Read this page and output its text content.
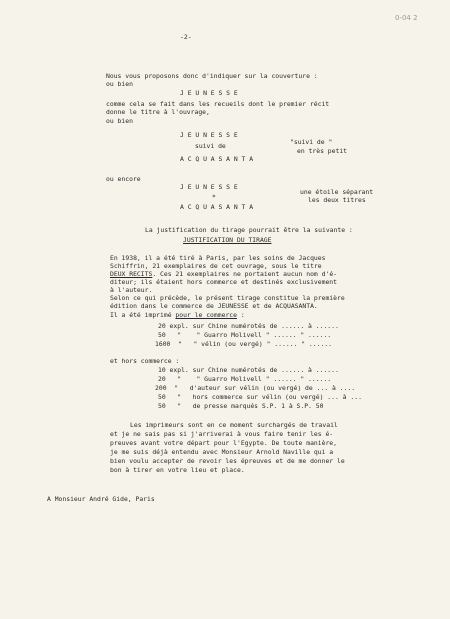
0-04 2
-2-
Nous vous proposons donc d'indiquer sur la couverture :
ou bien
J E U N E S S E
comme cela se fait dans les recueils dont le premier récit
donne le titre à l'ouvrage,
ou bien
J E U N E S S E
"suivi de "
suivi de
en très petit
A C Q U A S A N T A
ou encore
J E U N E S S E
une étoile séparant
*	les deux titres
A C Q U A S A N T A
La justification du tirage pourrait être la suivante :
JUSTIFICATION DU TIRAGE
En 1938, il a été tiré à Paris, par les soins de Jacques
Schiffrin, 21 exemplaires de cet ouvrage, sous le titre
DEUX RECITS. Ces 21 exemplaires ne portaient aucun nom d'é-
diteur; ils étaient hors commerce et destinés exclusivement
à l'auteur.
Selon ce qui précède, le présent tirage constitue la première
édition dans le commerce de JEUNESSE et de ACQUASANTA.
Il a été imprimé pour le commerce :
20 expl. sur Chine numérotés de ...... à ......
50   "    " Guarro Molivell " ...... " ......
1600  "   " vélin (ou vergé) " ...... " ......
et hors commerce :
10 expl. sur Chine numérotés de ...... à ......
20   "    " Guarro Molivell " ...... " ......
200  "   d'auteur sur vélin (ou vergé) de ... à ....
50   "   hors commerce sur vélin (ou vergé) ... à ...
50   "   de presse marqués S.P. 1 à S.P. 50
Les imprimeurs sont en ce moment surchargés de travail
et je ne sais pas si j'arriverai à vous faire tenir les é-
preuves avant votre départ pour l'Egypte. De toute manière,
je me suis déjà entendu avec Monsieur Arnold Naville qui a
bien voulu accepter de revoir les épreuves et de me donner le
bon à tirer en votre lieu et place.
A Monsieur André Gide, Paris
